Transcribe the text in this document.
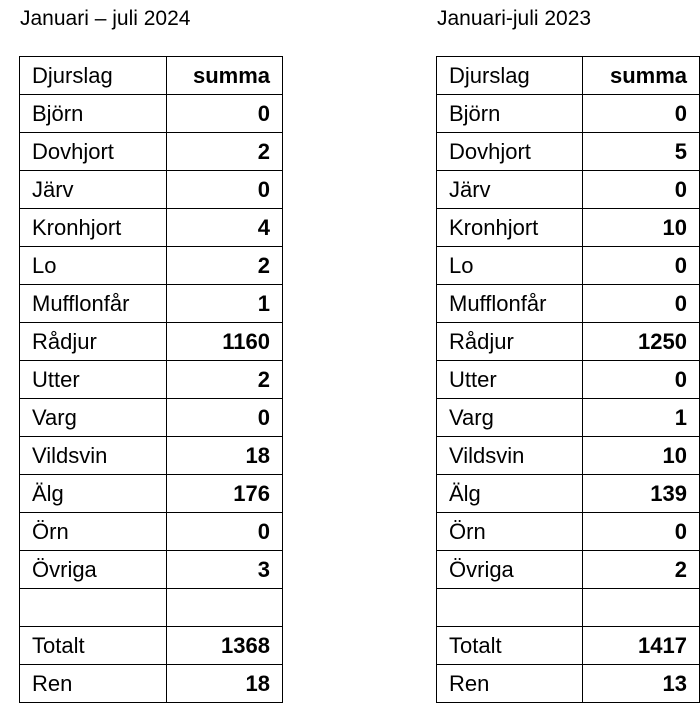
Januari – juli 2024
Djurslag	summa
Björn	0
Dovhjort	2
Järv	0
Kronhjort	4
Lo	2
Mufflonfår	1
Rådjur	1160
Utter	2
Varg	0
Vildsvin	18
Älg	176
Örn	0
Övriga	3

Totalt	1368
Ren	18
Januari-juli 2023
Djurslag	summa
Björn	0
Dovhjort	5
Järv	0
Kronhjort	10
Lo	0
Mufflonfår	0
Rådjur	1250
Utter	0
Varg	1
Vildsvin	10
Älg	139
Örn	0
Övriga	2

Totalt	1417
Ren	13
